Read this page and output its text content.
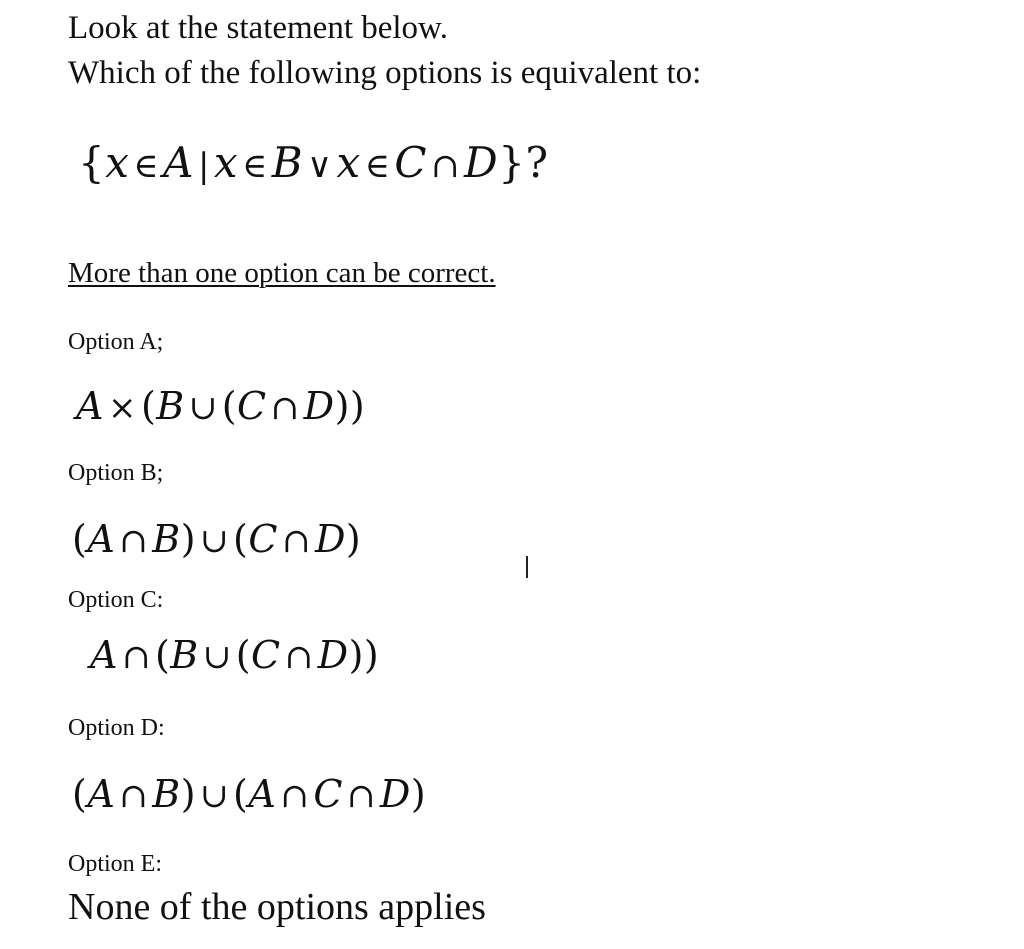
Look at the statement below.
Which of the following options is equivalent to:
{x ∈A |x ∈B ∨x ∈C ∩D}?
More than one option can be correct.
Option A;
A × (B ∪ (C ∩ D))
Option B;
(A ∩ B) ∪ (C ∩ D)
Option C:
A ∩ (B ∪ (C ∩ D))
Option D:
(A ∩ B) ∪ (A ∩ C ∩ D)
Option E:
None of the options applies
